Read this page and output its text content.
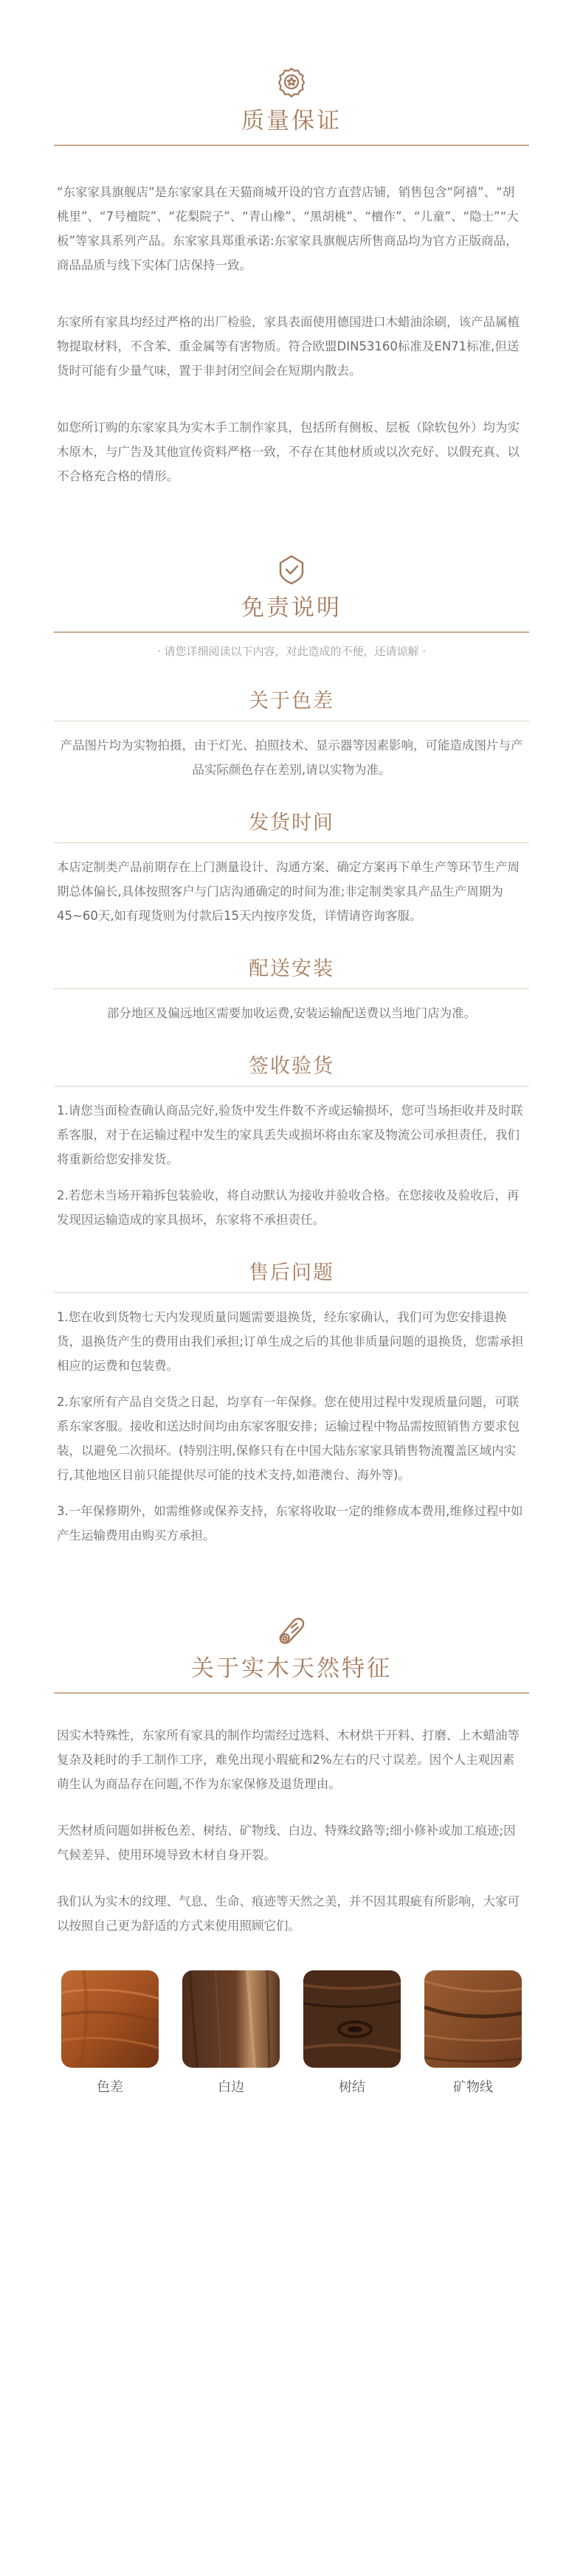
质量保证
“东家家具旗舰店”是东家家具在天猫商城开设的官方直营店铺，销售包含“阿禧”、“胡桃里”、“7号檀院”、“花梨院子”、“青山橡”、“黑胡桃”、“檀作”、“儿童”、“隐士”“大板”等家具系列产品。东家家具郑重承诺:东家家具旗舰店所售商品均为官方正版商品，商品品质与线下实体门店保持一致。
东家所有家具均经过严格的出厂检验，家具表面使用德国进口木蜡油涂刷，该产品属植物提取材料，不含苯、重金属等有害物质。符合欧盟DIN53160标准及EN71标准,但送货时可能有少量气味，置于非封闭空间会在短期内散去。
如您所订购的东家家具为实木手工制作家具，包括所有侧板、层板（除软包外）均为实木原木，与广告及其他宣传资料严格一致，不存在其他材质或以次充好、以假充真、以不合格充合格的情形。
免责说明
· 请您详细阅读以下内容，对此造成的不便，还请谅解 ·
关于色差
产品图片均为实物拍摄，由于灯光、拍照技术、显示器等因素影响，可能造成图片与产品实际颜色存在差别,请以实物为准。
发货时间
本店定制类产品前期存在上门测量设计、沟通方案、确定方案再下单生产等环节生产周期总体偏长,具体按照客户与门店沟通确定的时间为准;非定制类家具产品生产周期为45~60天,如有现货则为付款后15天内按序发货，详情请咨询客服。
配送安装
部分地区及偏远地区需要加收运费,安装运输配送费以当地门店为准。
签收验货
1.请您当面检查确认商品完好,验货中发生件数不齐或运输损坏，您可当场拒收并及时联系客服，对于在运输过程中发生的家具丢失或损坏将由东家及物流公司承担责任，我们将重新给您安排发货。
2.若您未当场开箱拆包装验收，将自动默认为接收并验收合格。在您接收及验收后，再发现因运输造成的家具损坏，东家将不承担责任。
售后问题
1.您在收到货物七天内发现质量问题需要退换货，经东家确认，我们可为您安排退换货，退换货产生的费用由我们承担;订单生成之后的其他非质量问题的退换货，您需承担相应的运费和包装费。
2.东家所有产品自交货之日起，均享有一年保修。您在使用过程中发现质量问题，可联系东家客服。接收和送达时间均由东家客服安排；运输过程中物品需按照销售方要求包装，以避免二次损坏。(特别注明,保修只有在中国大陆东家家具销售物流覆盖区域内实行,其他地区目前只能提供尽可能的技术支持,如港澳台、海外等)。
3.一年保修期外，如需维修或保养支持，东家将收取一定的维修成本费用,维修过程中如产生运输费用由购买方承担。
关于实木天然特征
因实木特殊性，东家所有家具的制作均需经过选料、木材烘干开料、打磨、上木蜡油等复杂及耗时的手工制作工序，难免出现小瑕疵和2%左右的尺寸误差。因个人主观因素萌生认为商品存在问题,不作为东家保修及退货理由。
天然材质问题如拼板色差、树结、矿物线、白边、特殊纹路等;细小修补或加工痕迹;因气候差异、使用环境导致木材自身开裂。
我们认为实木的纹理、气息、生命、痕迹等天然之美，并不因其瑕疵有所影响，大家可以按照自己更为舒适的方式来使用照顾它们。
色差	白边	树结	矿物线
